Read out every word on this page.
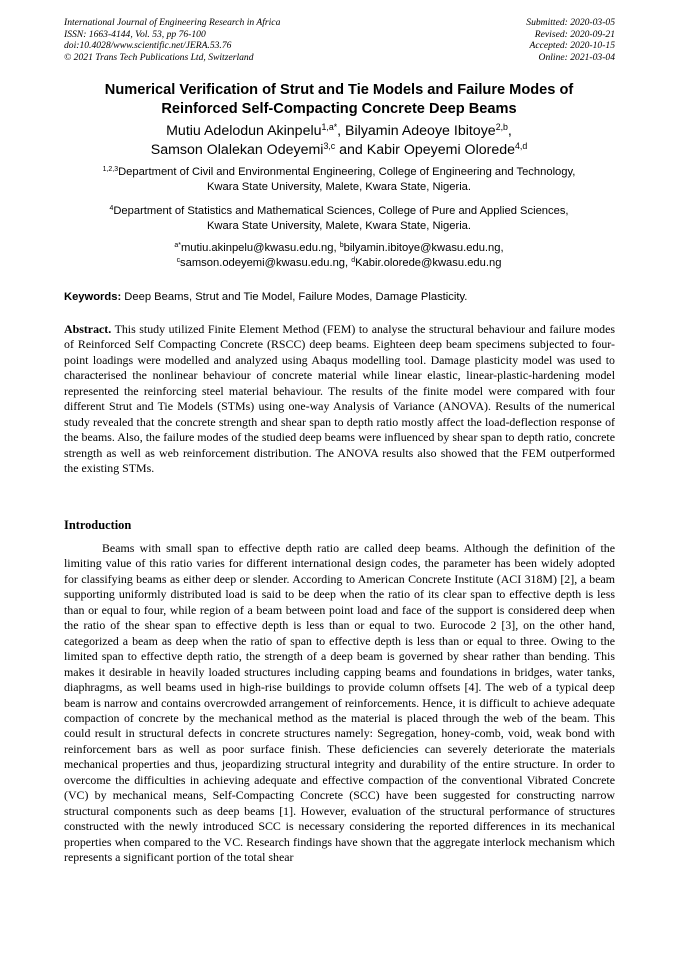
International Journal of Engineering Research in Africa
ISSN: 1663-4144, Vol. 53, pp 76-100
doi:10.4028/www.scientific.net/JERA.53.76
© 2021 Trans Tech Publications Ltd, Switzerland
Submitted: 2020-03-05
Revised: 2020-09-21
Accepted: 2020-10-15
Online: 2021-03-04
Numerical Verification of Strut and Tie Models and Failure Modes of
Reinforced Self-Compacting Concrete Deep Beams
Mutiu Adelodun Akinpelu$^{1,a*}$, Bilyamin Adeoye Ibitoye$^{2,b}$,
Samson Olalekan Odeyemi$^{3,c}$ and Kabir Opeyemi Olorede$^{4,d}$
$^{1,2,3}$Department of Civil and Environmental Engineering, College of Engineering and Technology,
Kwara State University, Malete, Kwara State, Nigeria.
$^4$Department of Statistics and Mathematical Sciences, College of Pure and Applied Sciences,
Kwara State University, Malete, Kwara State, Nigeria.
$^{a*}$mutiu.akinpelu@kwasu.edu.ng, $^b$bilyamin.ibitoye@kwasu.edu.ng,
$^c$samson.odeyemi@kwasu.edu.ng, $^d$Kabir.olorede@kwasu.edu.ng
Keywords: Deep Beams, Strut and Tie Model, Failure Modes, Damage Plasticity.
Abstract. This study utilized Finite Element Method (FEM) to analyse the structural behaviour and failure modes of Reinforced Self Compacting Concrete (RSCC) deep beams. Eighteen deep beam specimens subjected to four-point loadings were modelled and analyzed using Abaqus modelling tool. Damage plasticity model was used to characterised the nonlinear behaviour of concrete material while linear elastic, linear-plastic-hardening model represented the reinforcing steel material behaviour. The results of the finite model were compared with four different Strut and Tie Models (STMs) using one-way Analysis of Variance (ANOVA). Results of the numerical study revealed that the concrete strength and shear span to depth ratio mostly affect the load-deflection response of the beams. Also, the failure modes of the studied deep beams were influenced by shear span to depth ratio, concrete strength as well as web reinforcement distribution. The ANOVA results also showed that the FEM outperformed the existing STMs.
Introduction
Beams with small span to effective depth ratio are called deep beams. Although the definition of the limiting value of this ratio varies for different international design codes, the parameter has been widely adopted for classifying beams as either deep or slender. According to American Concrete Institute (ACI 318M) [2], a beam supporting uniformly distributed load is said to be deep when the ratio of its clear span to effective depth is less than or equal to four, while region of a beam between point load and face of the support is considered deep when the ratio of the shear span to effective depth is less than or equal to two. Eurocode 2 [3], on the other hand, categorized a beam as deep when the ratio of span to effective depth is less than or equal to three. Owing to the limited span to effective depth ratio, the strength of a deep beam is governed by shear rather than bending. This makes it desirable in heavily loaded structures including capping beams and foundations in bridges, water tanks, diaphragms, as well beams used in high-rise buildings to provide column offsets [4]. The web of a typical deep beam is narrow and contains overcrowded arrangement of reinforcements. Hence, it is difficult to achieve adequate compaction of concrete by the mechanical method as the material is placed through the web of the beam. This could result in structural defects in concrete structures namely: Segregation, honey-comb, void, weak bond with reinforcement bars as well as poor surface finish. These deficiencies can severely deteriorate the materials mechanical properties and thus, jeopardizing structural integrity and durability of the entire structure. In order to overcome the difficulties in achieving adequate and effective compaction of the conventional Vibrated Concrete (VC) by mechanical means, Self-Compacting Concrete (SCC) have been suggested for constructing narrow structural components such as deep beams [1]. However, evaluation of the structural performance of structures constructed with the newly introduced SCC is necessary considering the reported differences in its mechanical properties when compared to the VC. Research findings have shown that the aggregate interlock mechanism which represents a significant portion of the total shear
